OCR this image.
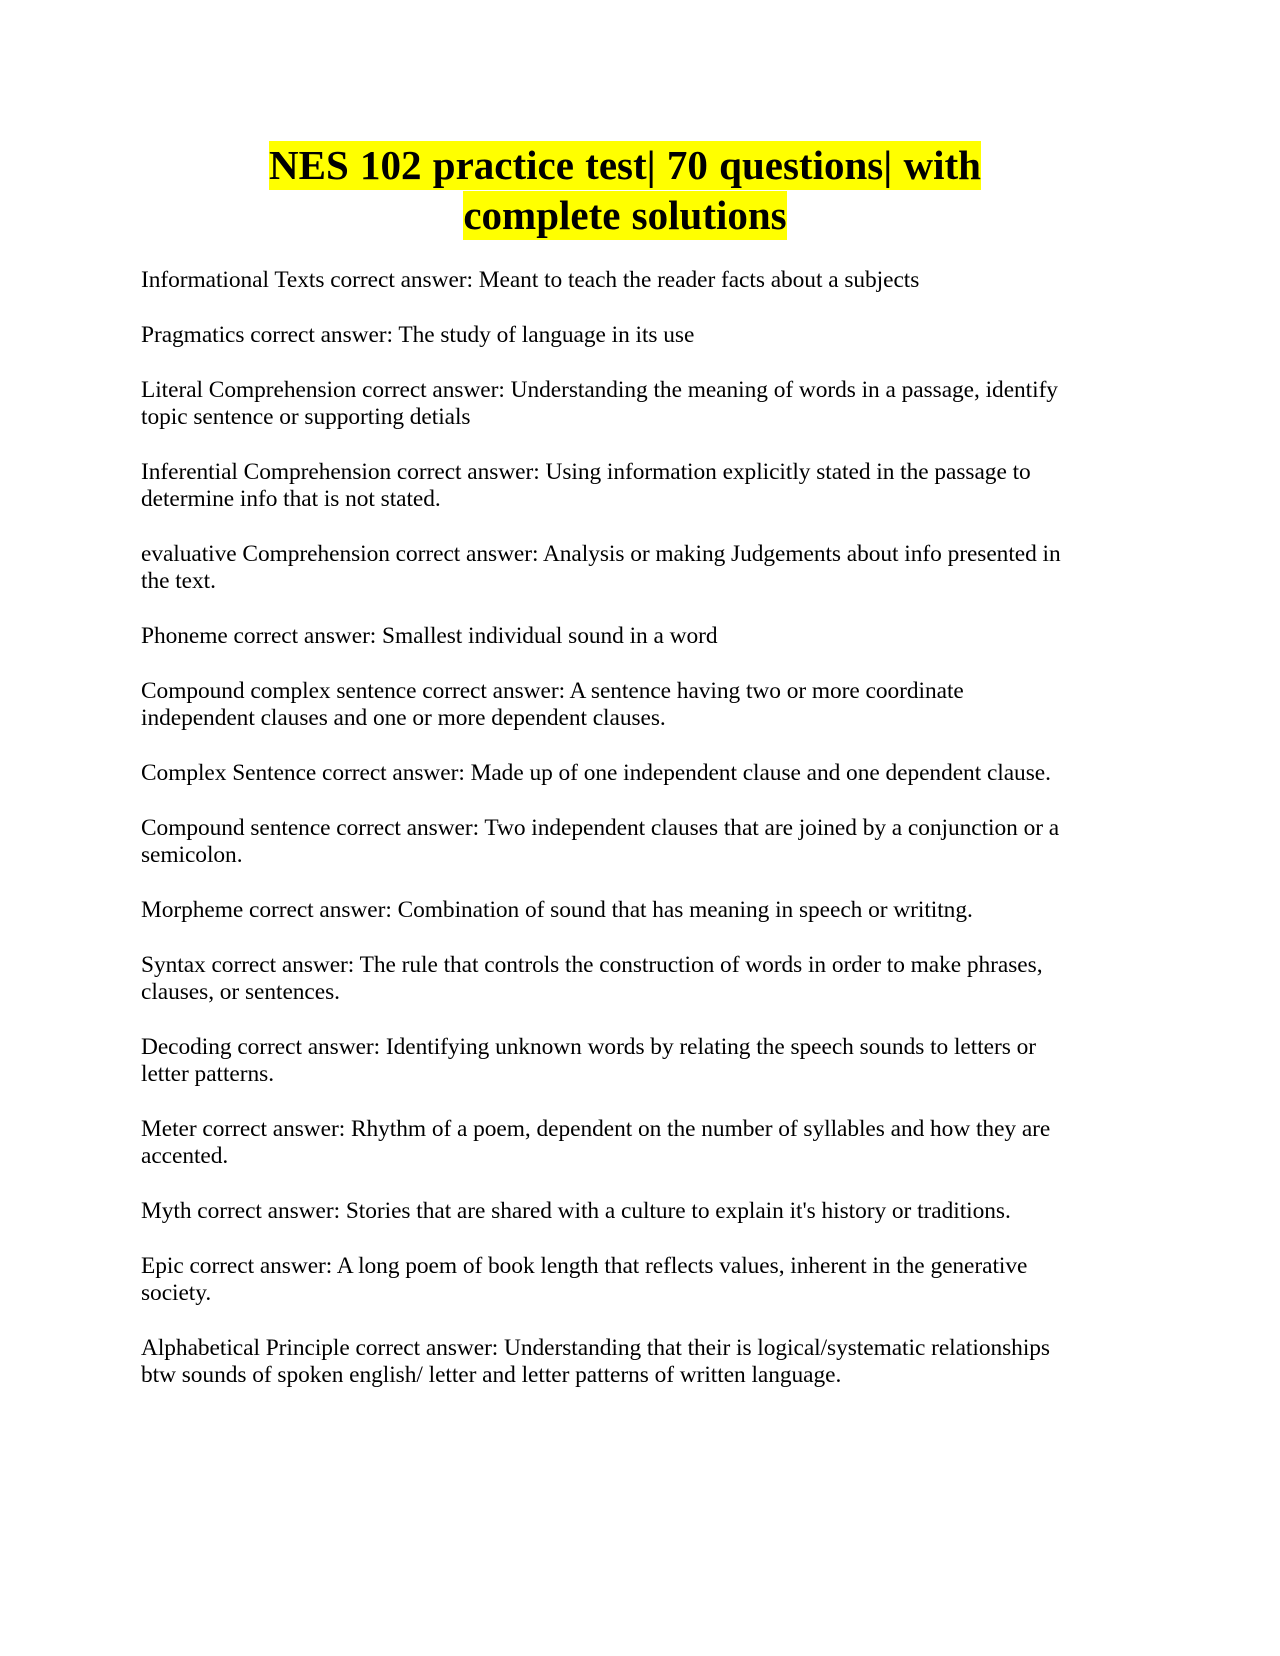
NES 102 practice test| 70 questions| with
complete solutions

Informational Texts correct answer: Meant to teach the reader facts about a subjects

Pragmatics correct answer: The study of language in its use

Literal Comprehension correct answer: Understanding the meaning of words in a passage, identify topic sentence or supporting detials

Inferential Comprehension correct answer: Using information explicitly stated in the passage to determine info that is not stated.

evaluative Comprehension correct answer: Analysis or making Judgements about info presented in the text.

Phoneme correct answer: Smallest individual sound in a word

Compound complex sentence correct answer: A sentence having two or more coordinate independent clauses and one or more dependent clauses.

Complex Sentence correct answer: Made up of one independent clause and one dependent clause.

Compound sentence correct answer: Two independent clauses that are joined by a conjunction or a semicolon.

Morpheme correct answer: Combination of sound that has meaning in speech or writitng.

Syntax correct answer: The rule that controls the construction of words in order to make phrases, clauses, or sentences.

Decoding correct answer: Identifying unknown words by relating the speech sounds to letters or letter patterns.

Meter correct answer: Rhythm of a poem, dependent on the number of syllables and how they are accented.

Myth correct answer: Stories that are shared with a culture to explain it's history or traditions.

Epic correct answer: A long poem of book length that reflects values, inherent in the generative society.

Alphabetical Principle correct answer: Understanding that their is logical/systematic relationships btw sounds of spoken english/ letter and letter patterns of written language.
